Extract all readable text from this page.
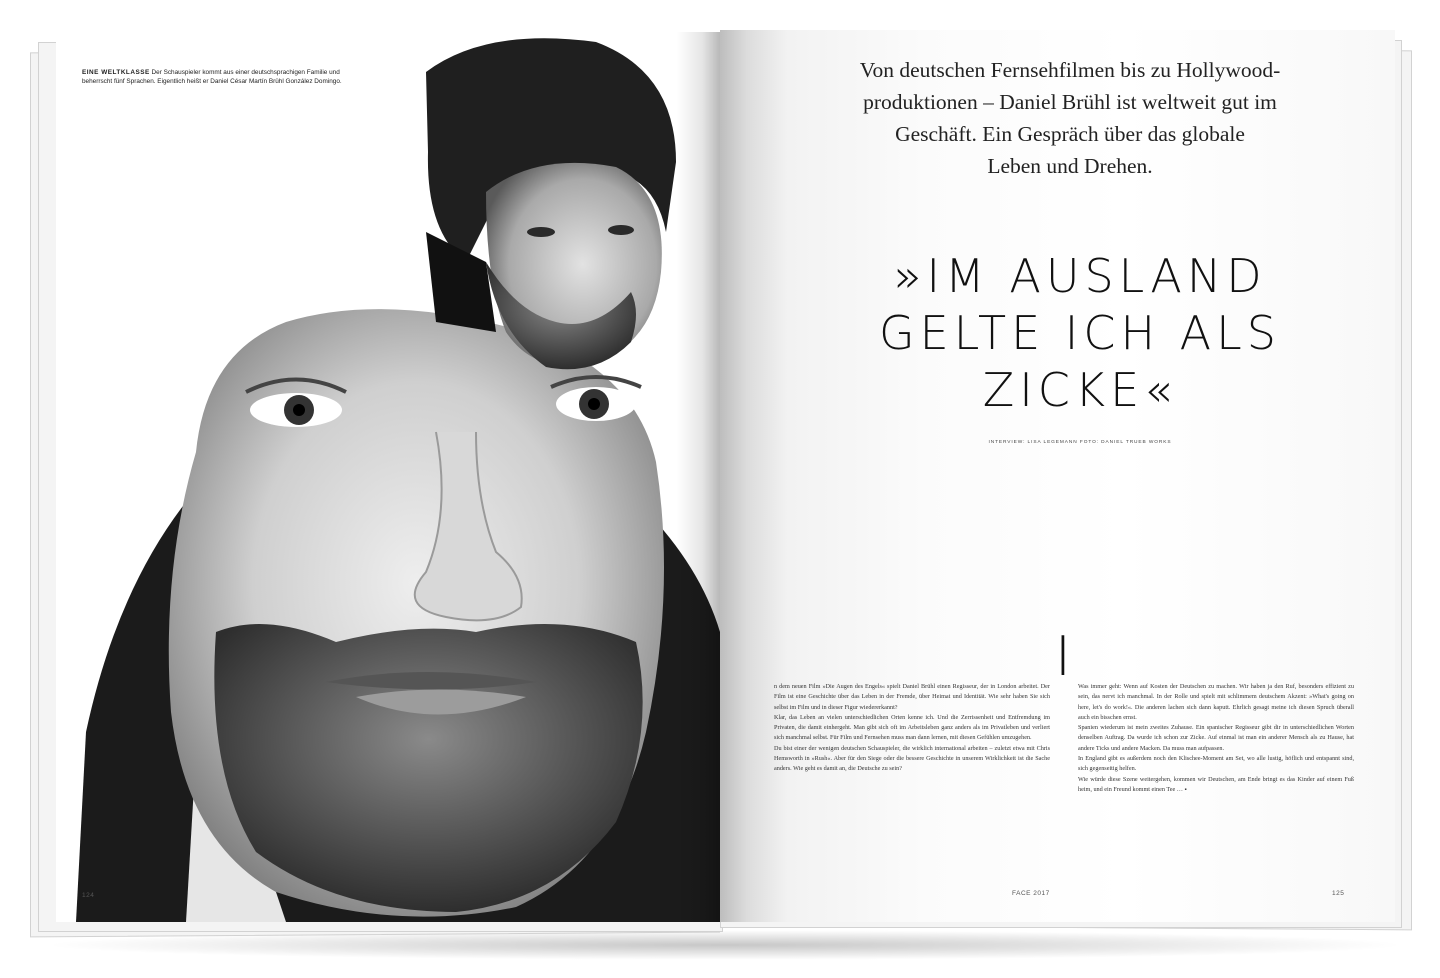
EINE WELTKLASSE Der Schauspieler kommt aus einer deutschsprachigen Familie und beherrscht fünf Sprachen. Eigentlich heißt er Daniel César Martín Brühl González Domingo.
124
Von deutschen Fernsehfilmen bis zu Hollywood-
produktionen – Daniel Brühl ist weltweit gut im
Geschäft. Ein Gespräch über das globale
Leben und Drehen.
»IM AUSLAND
GELTE ICH ALS
ZICKE«
INTERVIEW: LISA LEGEMANN FOTO: DANIEL TRUEB WORKS
I

n dem neuen Film »Die Augen des Engels« spielt Daniel Brühl einen Regisseur, der in London arbeitet. Der Film ist eine Geschichte über das Leben in der Fremde, über Heimat und Identität. Wie sehr haben Sie sich selbst im Film und in dieser Figur wiedererkannt?

Klar, das Leben an vielen unterschiedlichen Orten kenne ich. Und die Zerrissenheit und Entfremdung im Privaten, die damit einhergeht. Man gibt sich oft im Arbeitsleben ganz anders als im Privatleben und verliert sich manchmal selbst. Für Film und Fernsehen muss man dann lernen, mit diesen Gefühlen umzugehen.

Du bist einer der wenigen deutschen Schauspieler, die wirklich international arbeiten – zuletzt etwa mit Chris Hemsworth in »Rush«. Aber für den Siege oder die bessere Geschichte in unserem Wirklichkeit ist die Sache anders. Wie geht es damit an, die Deutsche zu sein?

Was immer geht: Wenn auf Kosten der Deutschen zu machen. Wir haben ja den Ruf, besonders effizient zu sein, das nervt ich manchmal. In der Rolle und spielt mit schlimmem deutschem Akzent: »What's going on here, let's do work!«. Die anderen lachen sich dann kaputt. Ehrlich gesagt meine ich diesen Spruch überall auch ein bisschen ernst.

Spanien wiederum ist mein zweites Zuhause. Ein spanischer Regisseur gibt dir in unterschiedlichen Worten denselben Auftrag. Da wurde ich schon zur Zicke. Auf einmal ist man ein anderer Mensch als zu Hause, hat andere Ticks und andere Macken. Da muss man aufpassen.

In England gibt es außerdem noch den Klischee-Moment am Set, wo alle lustig, höflich und entspannt sind, sich gegenseitig helfen.

Wie würde diese Szene weitergehen, kommen wir Deutschen, am Ende bringt es das Kinder auf einem Fuß heim, und ein Freund kommt einen Tee … ▪

FACE 2017	125
